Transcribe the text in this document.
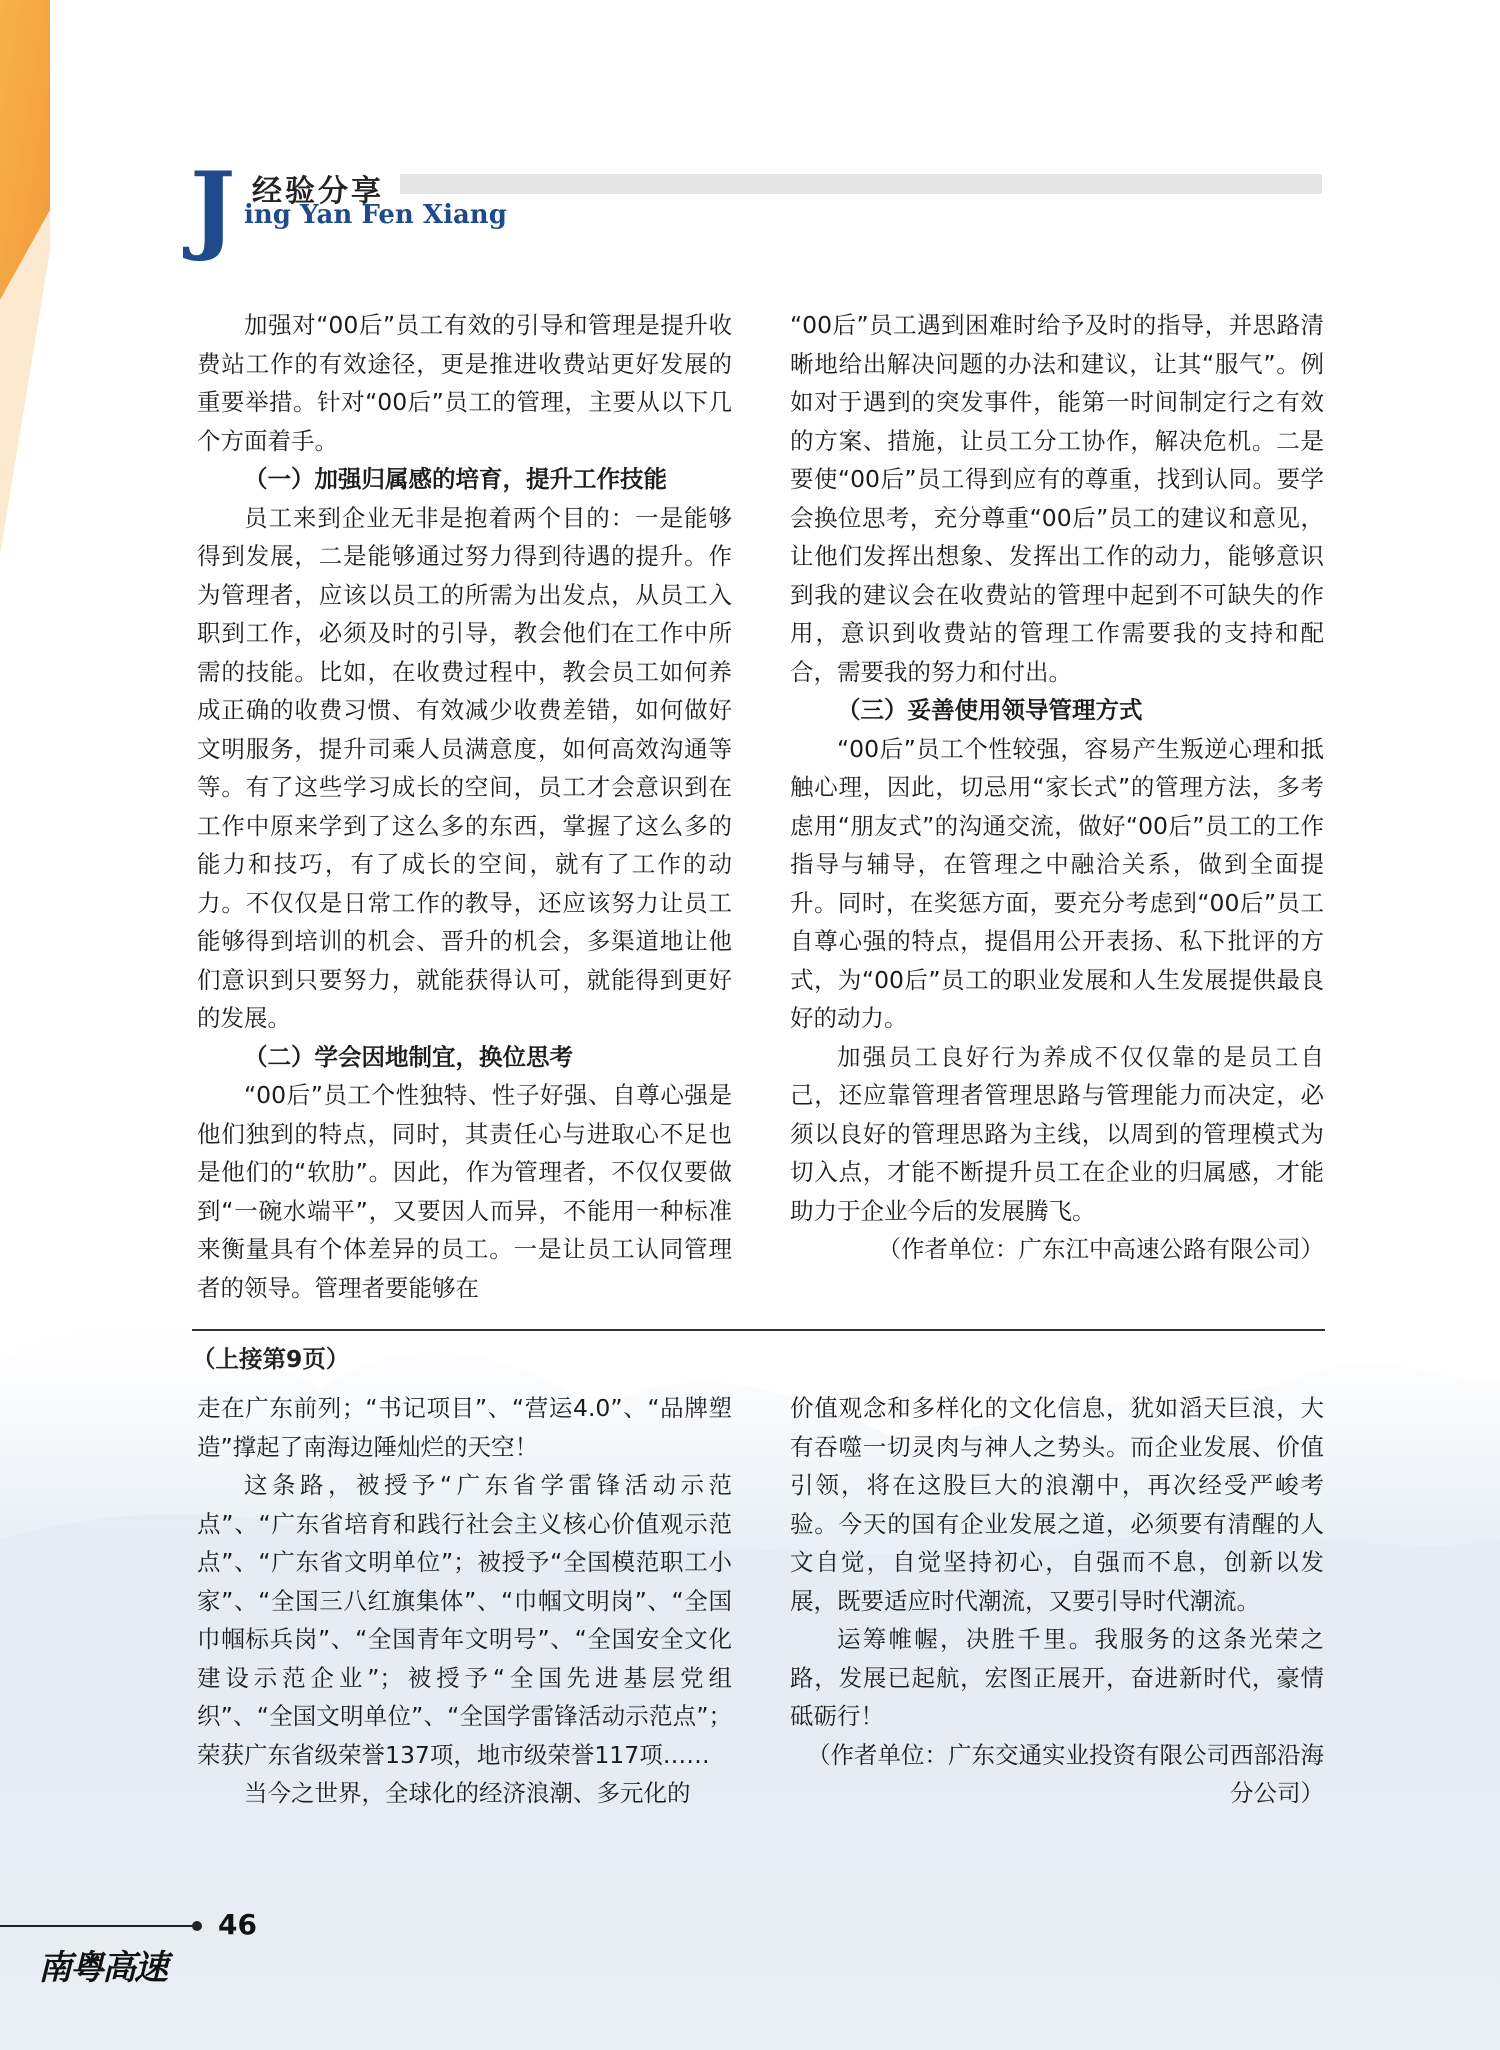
J 经验分享
ing Yan Fen Xiang

加强对“00后”员工有效的引导和管理是提升收费站工作的有效途径，更是推进收费站更好发展的重要举措。针对“00后”员工的管理，主要从以下几个方面着手。

（一）加强归属感的培育，提升工作技能

员工来到企业无非是抱着两个目的：一是能够得到发展，二是能够通过努力得到待遇的提升。作为管理者，应该以员工的所需为出发点，从员工入职到工作，必须及时的引导，教会他们在工作中所需的技能。比如，在收费过程中，教会员工如何养成正确的收费习惯、有效减少收费差错，如何做好文明服务，提升司乘人员满意度，如何高效沟通等等。有了这些学习成长的空间，员工才会意识到在工作中原来学到了这么多的东西，掌握了这么多的能力和技巧，有了成长的空间，就有了工作的动力。不仅仅是日常工作的教导，还应该努力让员工能够得到培训的机会、晋升的机会，多渠道地让他们意识到只要努力，就能获得认可，就能得到更好的发展。

（二）学会因地制宜，换位思考

“00后”员工个性独特、性子好强、自尊心强是他们独到的特点，同时，其责任心与进取心不足也是他们的“软肋”。因此，作为管理者，不仅仅要做到“一碗水端平”，又要因人而异，不能用一种标准来衡量具有个体差异的员工。一是让员工认同管理者的领导。管理者要能够在

“00后”员工遇到困难时给予及时的指导，并思路清晰地给出解决问题的办法和建议，让其“服气”。例如对于遇到的突发事件，能第一时间制定行之有效的方案、措施，让员工分工协作，解决危机。二是要使“00后”员工得到应有的尊重，找到认同。要学会换位思考，充分尊重“00后”员工的建议和意见，让他们发挥出想象、发挥出工作的动力，能够意识到我的建议会在收费站的管理中起到不可缺失的作用，意识到收费站的管理工作需要我的支持和配合，需要我的努力和付出。

（三）妥善使用领导管理方式

“00后”员工个性较强，容易产生叛逆心理和抵触心理，因此，切忌用“家长式”的管理方法，多考虑用“朋友式”的沟通交流，做好“00后”员工的工作指导与辅导，在管理之中融洽关系，做到全面提升。同时，在奖惩方面，要充分考虑到“00后”员工自尊心强的特点，提倡用公开表扬、私下批评的方式，为“00后”员工的职业发展和人生发展提供最良好的动力。

加强员工良好行为养成不仅仅靠的是员工自己，还应靠管理者管理思路与管理能力而决定，必须以良好的管理思路为主线，以周到的管理模式为切入点，才能不断提升员工在企业的归属感，才能助力于企业今后的发展腾飞。

（作者单位：广东江中高速公路有限公司）

（上接第9页）

走在广东前列；“书记项目”、“营运4.0”、“品牌塑造”撑起了南海边陲灿烂的天空！

这条路，被授予“广东省学雷锋活动示范点”、“广东省培育和践行社会主义核心价值观示范点”、“广东省文明单位”；被授予“全国模范职工小家”、“全国三八红旗集体”、“巾帼文明岗”、“全国巾帼标兵岗”、“全国青年文明号”、“全国安全文化建设示范企业”；被授予“全国先进基层党组织”、“全国文明单位”、“全国学雷锋活动示范点”；荣获广东省级荣誉137项，地市级荣誉117项……

当今之世界，全球化的经济浪潮、多元化的

价值观念和多样化的文化信息，犹如滔天巨浪，大有吞噬一切灵肉与神人之势头。而企业发展、价值引领，将在这股巨大的浪潮中，再次经受严峻考验。今天的国有企业发展之道，必须要有清醒的人文自觉，自觉坚持初心，自强而不息，创新以发展，既要适应时代潮流，又要引导时代潮流。

运筹帷幄，决胜千里。我服务的这条光荣之路，发展已起航，宏图正展开，奋进新时代，豪情砥砺行！

（作者单位：广东交通实业投资有限公司西部沿海分公司）

46
南粤高速
